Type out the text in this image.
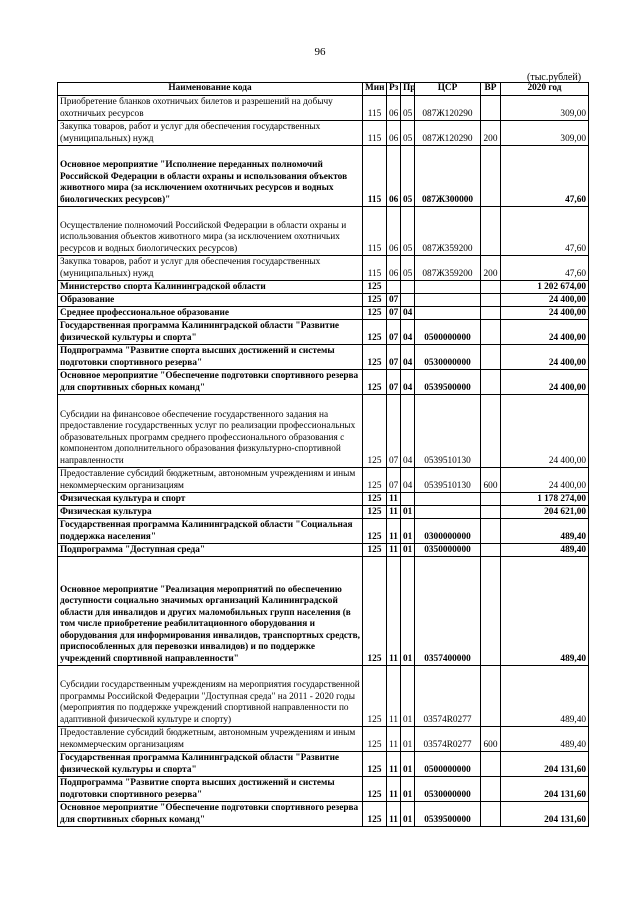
96
(тыс.рублей)
Наименование кода	Мин	Рз	Пр	ЦСР	ВР	2020 год
Приобретение бланков охотничьих билетов и разрешений на добычу охотничьих ресурсов	115	06	05	087Ж120290		309,00
Закупка товаров, работ и услуг для обеспечения государственных (муниципальных) нужд	115	06	05	087Ж120290	200	309,00
Основное мероприятие "Исполнение переданных полномочий Российской Федерации в области охраны и использования объектов животного мира (за исключением охотничьих ресурсов и водных биологических ресурсов)"	115	06	05	087Ж300000		47,60
Осуществление полномочий Российской Федерации в области охраны и использования объектов животного мира (за исключением охотничьих ресурсов и водных биологических ресурсов)	115	06	05	087Ж359200		47,60
Закупка товаров, работ и услуг для обеспечения государственных (муниципальных) нужд	115	06	05	087Ж359200	200	47,60
Министерство спорта Калининградской области	125					1 202 674,00
Образование	125	07				24 400,00
Среднее профессиональное образование	125	07	04			24 400,00
Государственная программа Калининградской области "Развитие физической культуры и спорта"	125	07	04	0500000000		24 400,00
Подпрограмма "Развитие спорта высших достижений и системы подготовки спортивного резерва"	125	07	04	0530000000		24 400,00
Основное мероприятие "Обеспечение подготовки спортивного резерва для спортивных сборных команд"	125	07	04	0539500000		24 400,00
Субсидии на финансовое обеспечение государственного задания на предоставление государственных услуг по реализации профессиональных образовательных программ среднего профессионального образования с компонентом дополнительного образования физкультурно-спортивной направленности	125	07	04	0539510130		24 400,00
Предоставление субсидий бюджетным, автономным учреждениям и иным некоммерческим организациям	125	07	04	0539510130	600	24 400,00
Физическая культура и спорт	125	11				1 178 274,00
Физическая культура	125	11	01			204 621,00
Государственная программа Калининградской области "Социальная поддержка населения"	125	11	01	0300000000		489,40
Подпрограмма "Доступная среда"	125	11	01	0350000000		489,40
Основное мероприятие "Реализация мероприятий по обеспечению доступности социально значимых организаций Калининградской области для инвалидов и других маломобильных групп населения (в том числе приобретение реабилитационного оборудования и оборудования для информирования инвалидов, транспортных средств, приспособленных для перевозки инвалидов) и по поддержке учреждений спортивной направленности"	125	11	01	0357400000		489,40
Субсидии государственным учреждениям на мероприятия государственной программы Российской Федерации "Доступная среда" на 2011 - 2020 годы (мероприятия по поддержке учреждений спортивной направленности по адаптивной физической культуре и спорту)	125	11	01	03574R0277		489,40
Предоставление субсидий бюджетным, автономным учреждениям и иным некоммерческим организациям	125	11	01	03574R0277	600	489,40
Государственная программа Калининградской области "Развитие физической культуры и спорта"	125	11	01	0500000000		204 131,60
Подпрограмма "Развитие спорта высших достижений и системы подготовки спортивного резерва"	125	11	01	0530000000		204 131,60
Основное мероприятие "Обеспечение подготовки спортивного резерва для спортивных сборных команд"	125	11	01	0539500000		204 131,60
